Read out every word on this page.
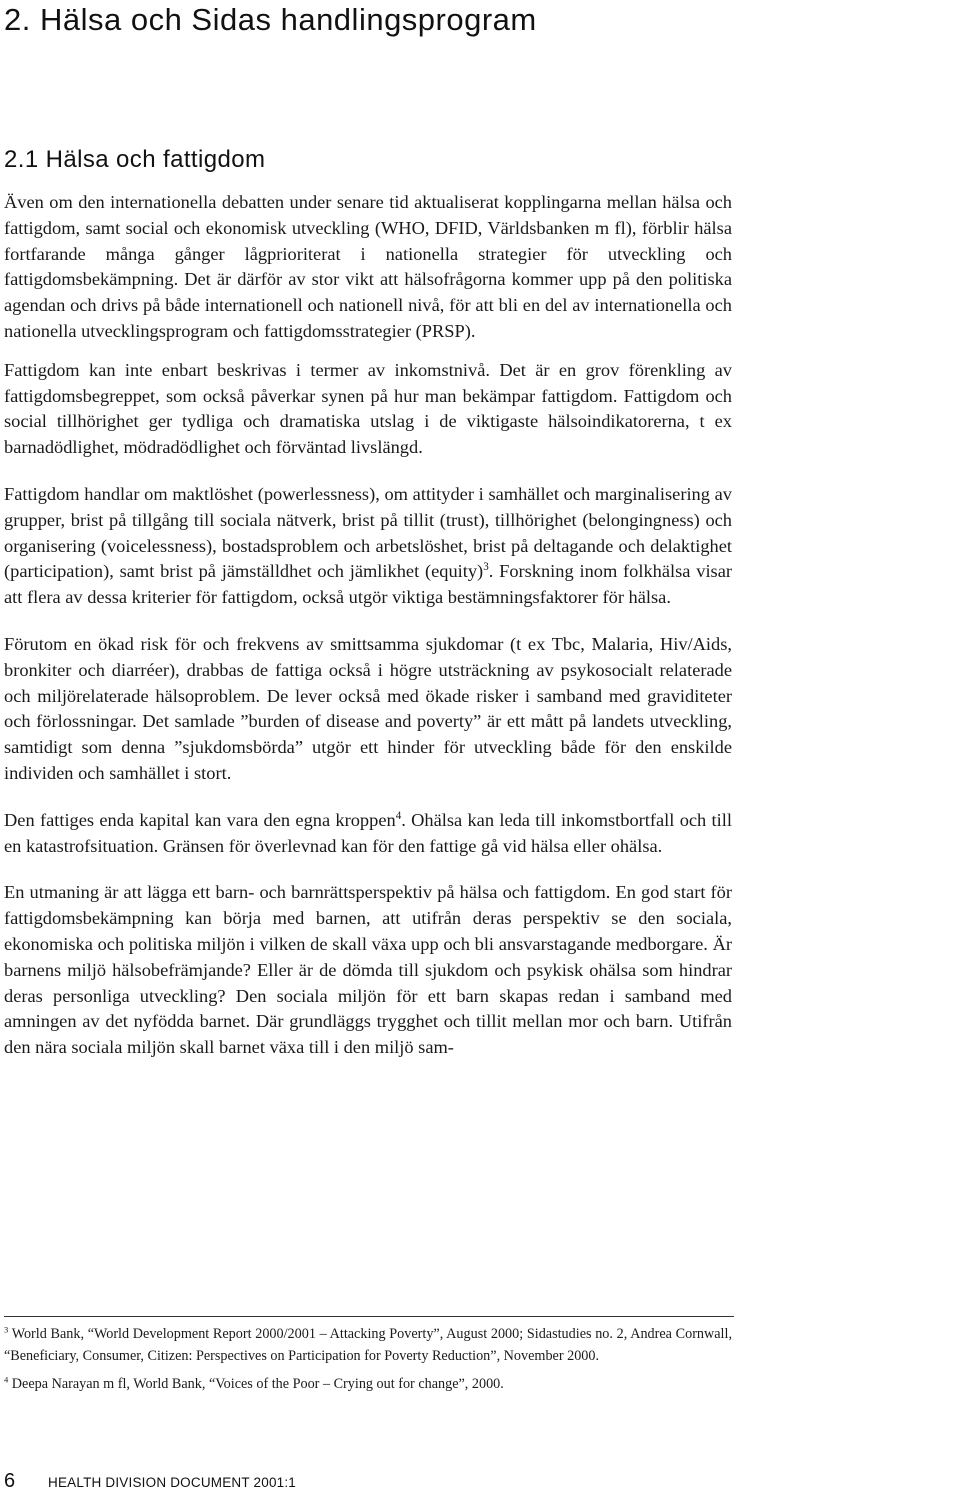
2. Hälsa och Sidas handlingsprogram
2.1 Hälsa och fattigdom

Även om den internationella debatten under senare tid aktualiserat kopplingarna mellan hälsa och fattigdom, samt social och ekonomisk utveckling (WHO, DFID, Världsbanken m fl), förblir hälsa fortfarande många gånger lågprioriterat i nationella strategier för utveckling och fattigdomsbekämpning. Det är därför av stor vikt att hälsofrågorna kommer upp på den politiska agendan och drivs på både internationell och nationell nivå, för att bli en del av internationella och nationella utvecklingsprogram och fattigdomsstrategier (PRSP).

Fattigdom kan inte enbart beskrivas i termer av inkomstnivå. Det är en grov förenkling av fattigdomsbegreppet, som också påverkar synen på hur man bekämpar fattigdom. Fattigdom och social tillhörighet ger tydliga och dramatiska utslag i de viktigaste hälsoindikatorerna, t ex barnadödlighet, mödradödlighet och förväntad livslängd.

Fattigdom handlar om maktlöshet (powerlessness), om attityder i samhället och marginalisering av grupper, brist på tillgång till sociala nätverk, brist på tillit (trust), tillhörighet (belongingness) och organisering (voicelessness), bostadsproblem och arbetslöshet, brist på deltagande och delaktighet (participation), samt brist på jämställdhet och jämlikhet (equity)$^3$. Forskning inom folkhälsa visar att flera av dessa kriterier för fattigdom, också utgör viktiga bestämningsfaktorer för hälsa.

Förutom en ökad risk för och frekvens av smittsamma sjukdomar (t ex Tbc, Malaria, Hiv/Aids, bronkiter och diarréer), drabbas de fattiga också i högre utsträckning av psykosocialt relaterade och miljörelaterade hälsoproblem. De lever också med ökade risker i samband med graviditeter och förlossningar. Det samlade ”burden of disease and poverty” är ett mått på landets utveckling, samtidigt som denna ”sjukdomsbörda” utgör ett hinder för utveckling både för den enskilde individen och samhället i stort.

Den fattiges enda kapital kan vara den egna kroppen$^4$. Ohälsa kan leda till inkomstbortfall och till en katastrofsituation. Gränsen för överlevnad kan för den fattige gå vid hälsa eller ohälsa.

En utmaning är att lägga ett barn- och barnrättsperspektiv på hälsa och fattigdom. En god start för fattigdomsbekämpning kan börja med barnen, att utifrån deras perspektiv se den sociala, ekonomiska och politiska miljön i vilken de skall växa upp och bli ansvarstagande medborgare. Är barnens miljö hälsobefrämjande? Eller är de dömda till sjukdom och psykisk ohälsa som hindrar deras personliga utveckling? Den sociala miljön för ett barn skapas redan i samband med amningen av det nyfödda barnet. Där grundläggs trygghet och tillit mellan mor och barn. Utifrån den nära sociala miljön skall barnet växa till i den miljö sam-

$^3$ World Bank, “World Development Report 2000/2001 – Attacking Poverty”, August 2000; Sidastudies no. 2, Andrea Cornwall, “Beneficiary, Consumer, Citizen: Perspectives on Participation for Poverty Reduction”, November 2000.

$^4$ Deepa Narayan m fl, World Bank, “Voices of the Poor – Crying out for change”, 2000.

6 HEALTH DIVISION DOCUMENT 2001:1
